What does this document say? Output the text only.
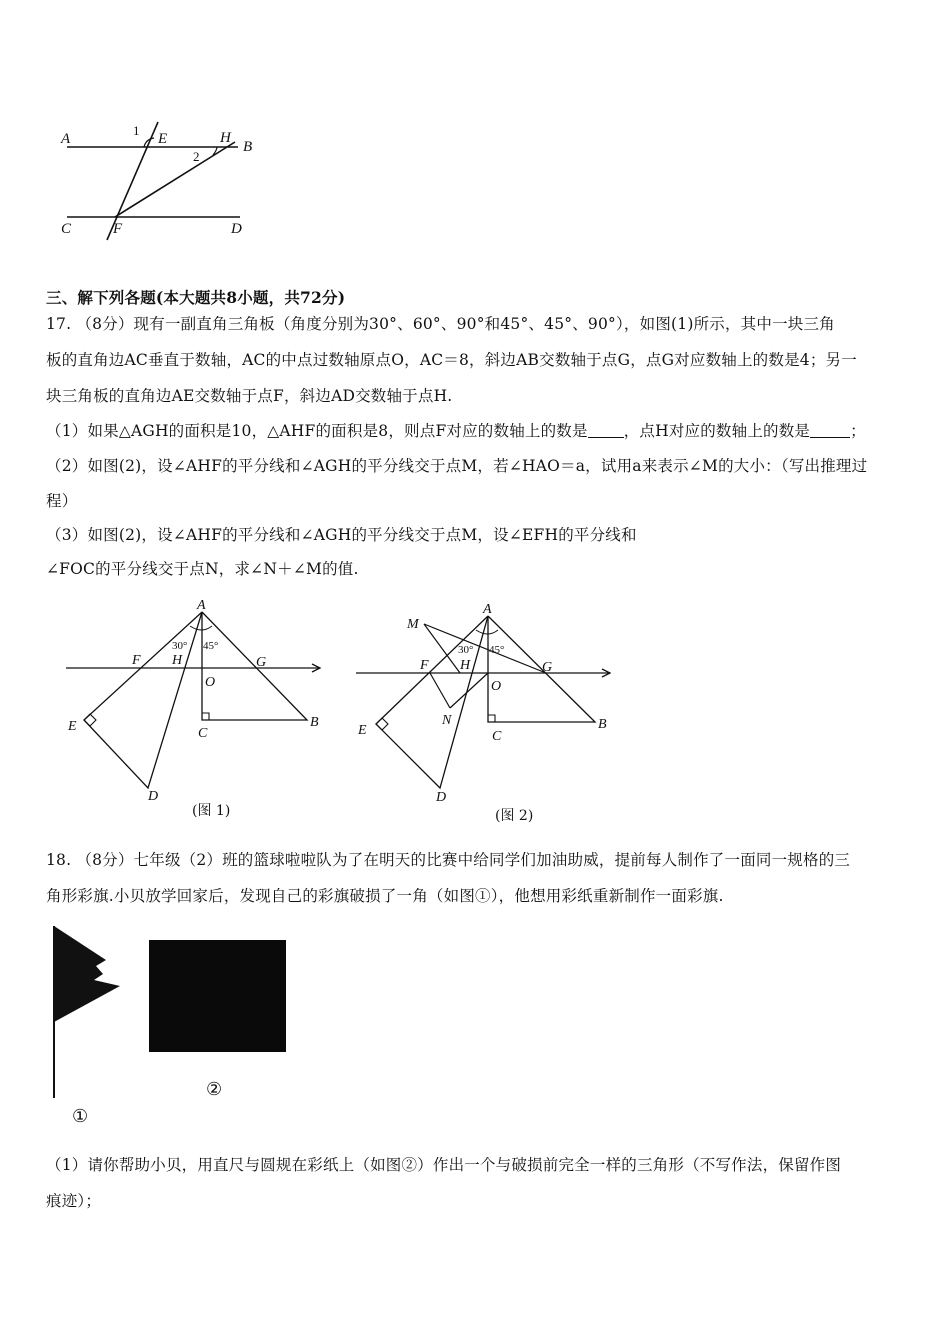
A	B
C	D
E
F
H
1
2
三、解下列各题(本大题共8小题，共72分)
17. （8分）现有一副直角三角板（角度分别为30°、60°、90°和45°、45°、90°），如图(1)所示，其中一块三角
板的直角边AC垂直于数轴，AC的中点过数轴原点O，AC＝8，斜边AB交数轴于点G，点G对应数轴上的数是4；另一
块三角板的直角边AE交数轴于点F，斜边AD交数轴于点H.
（1）如果△AGH的面积是10，△AHF的面积是8，则点F对应的数轴上的数是 ，点H对应的数轴上的数是	；
（2）如图(2)，设∠AHF的平分线和∠AGH的平分线交于点M，若∠HAO＝a，试用a来表示∠M的大小：（写出推理过
程）
（3）如图(2)，设∠AHF的平分线和∠AGH的平分线交于点M，设∠EFH的平分线和
∠FOC的平分线交于点N，求∠N＋∠M的值.
A
F H	G
O
E	B
C
D
30° 45°
(图 1)
M
A
F H	G
O
E
N	B
C
D
30° 45°
(图 2)
18. （8分）七年级（2）班的篮球啦啦队为了在明天的比赛中给同学们加油助威，提前每人制作了一面同一规格的三
角形彩旗.小贝放学回家后，发现自己的彩旗破损了一角（如图①），他想用彩纸重新制作一面彩旗.
①
②
（1）请你帮助小贝，用直尺与圆规在彩纸上（如图②）作出一个与破损前完全一样的三角形（不写作法，保留作图
痕迹）；
